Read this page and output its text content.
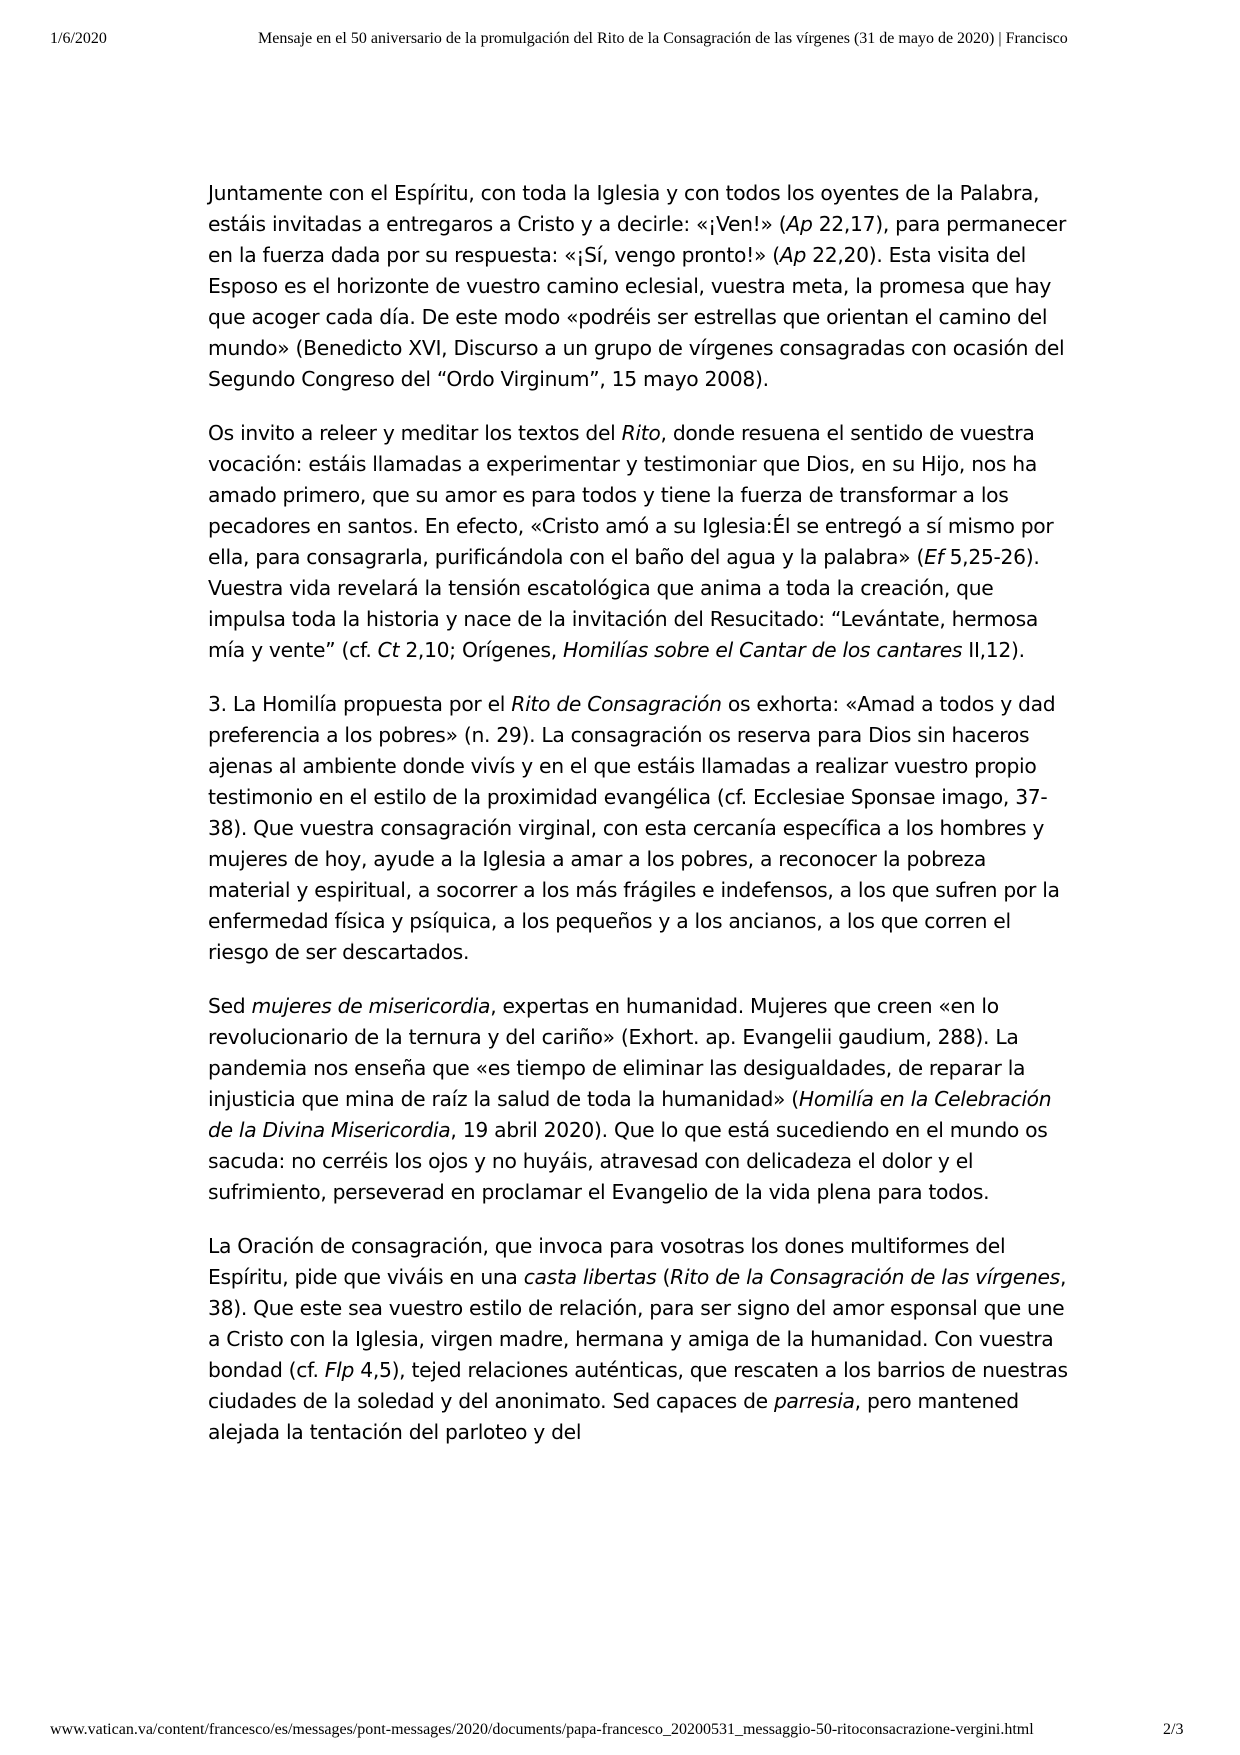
1/6/2020	Mensaje en el 50 aniversario de la promulgación del Rito de la Consagración de las vírgenes (31 de mayo de 2020) | Francisco

Juntamente con el Espíritu, con toda la Iglesia y con todos los oyentes de la Palabra, estáis invitadas a entregaros a Cristo y a decirle: «¡Ven!» (Ap 22,17), para permanecer en la fuerza dada por su respuesta: «¡Sí, vengo pronto!» (Ap 22,20). Esta visita del Esposo es el horizonte de vuestro camino eclesial, vuestra meta, la promesa que hay que acoger cada día. De este modo «podréis ser estrellas que orientan el camino del mundo» (Benedicto XVI, Discurso a un grupo de vírgenes consagradas con ocasión del Segundo Congreso del “Ordo Virginum”, 15 mayo 2008).

Os invito a releer y meditar los textos del Rito, donde resuena el sentido de vuestra vocación: estáis llamadas a experimentar y testimoniar que Dios, en su Hijo, nos ha amado primero, que su amor es para todos y tiene la fuerza de transformar a los pecadores en santos. En efecto, «Cristo amó a su Iglesia:Él se entregó a sí mismo por ella, para consagrarla, purificándola con el baño del agua y la palabra» (Ef 5,25-26). Vuestra vida revelará la tensión escatológica que anima a toda la creación, que impulsa toda la historia y nace de la invitación del Resucitado: “Levántate, hermosa mía y vente” (cf. Ct 2,10; Orígenes, Homilías sobre el Cantar de los cantares II,12).

3. La Homilía propuesta por el Rito de Consagración os exhorta: «Amad a todos y dad preferencia a los pobres» (n. 29). La consagración os reserva para Dios sin haceros ajenas al ambiente donde vivís y en el que estáis llamadas a realizar vuestro propio testimonio en el estilo de la proximidad evangélica (cf. Ecclesiae Sponsae imago, 37-38). Que vuestra consagración virginal, con esta cercanía específica a los hombres y mujeres de hoy, ayude a la Iglesia a amar a los pobres, a reconocer la pobreza material y espiritual, a socorrer a los más frágiles e indefensos, a los que sufren por la enfermedad física y psíquica, a los pequeños y a los ancianos, a los que corren el riesgo de ser descartados.

Sed mujeres de misericordia, expertas en humanidad. Mujeres que creen «en lo revolucionario de la ternura y del cariño» (Exhort. ap. Evangelii gaudium, 288). La pandemia nos enseña que «es tiempo de eliminar las desigualdades, de reparar la injusticia que mina de raíz la salud de toda la humanidad» (Homilía en la Celebración de la Divina Misericordia, 19 abril 2020). Que lo que está sucediendo en el mundo os sacuda: no cerréis los ojos y no huyáis, atravesad con delicadeza el dolor y el sufrimiento, perseverad en proclamar el Evangelio de la vida plena para todos.

La Oración de consagración, que invoca para vosotras los dones multiformes del Espíritu, pide que viváis en una casta libertas (Rito de la Consagración de las vírgenes, 38). Que este sea vuestro estilo de relación, para ser signo del amor esponsal que une a Cristo con la Iglesia, virgen madre, hermana y amiga de la humanidad. Con vuestra bondad (cf. Flp 4,5), tejed relaciones auténticas, que rescaten a los barrios de nuestras ciudades de la soledad y del anonimato. Sed capaces de parresia, pero mantened alejada la tentación del parloteo y del

www.vatican.va/content/francesco/es/messages/pont-messages/2020/documents/papa-francesco_20200531_messaggio-50-ritoconsacrazione-vergini.html	2/3
